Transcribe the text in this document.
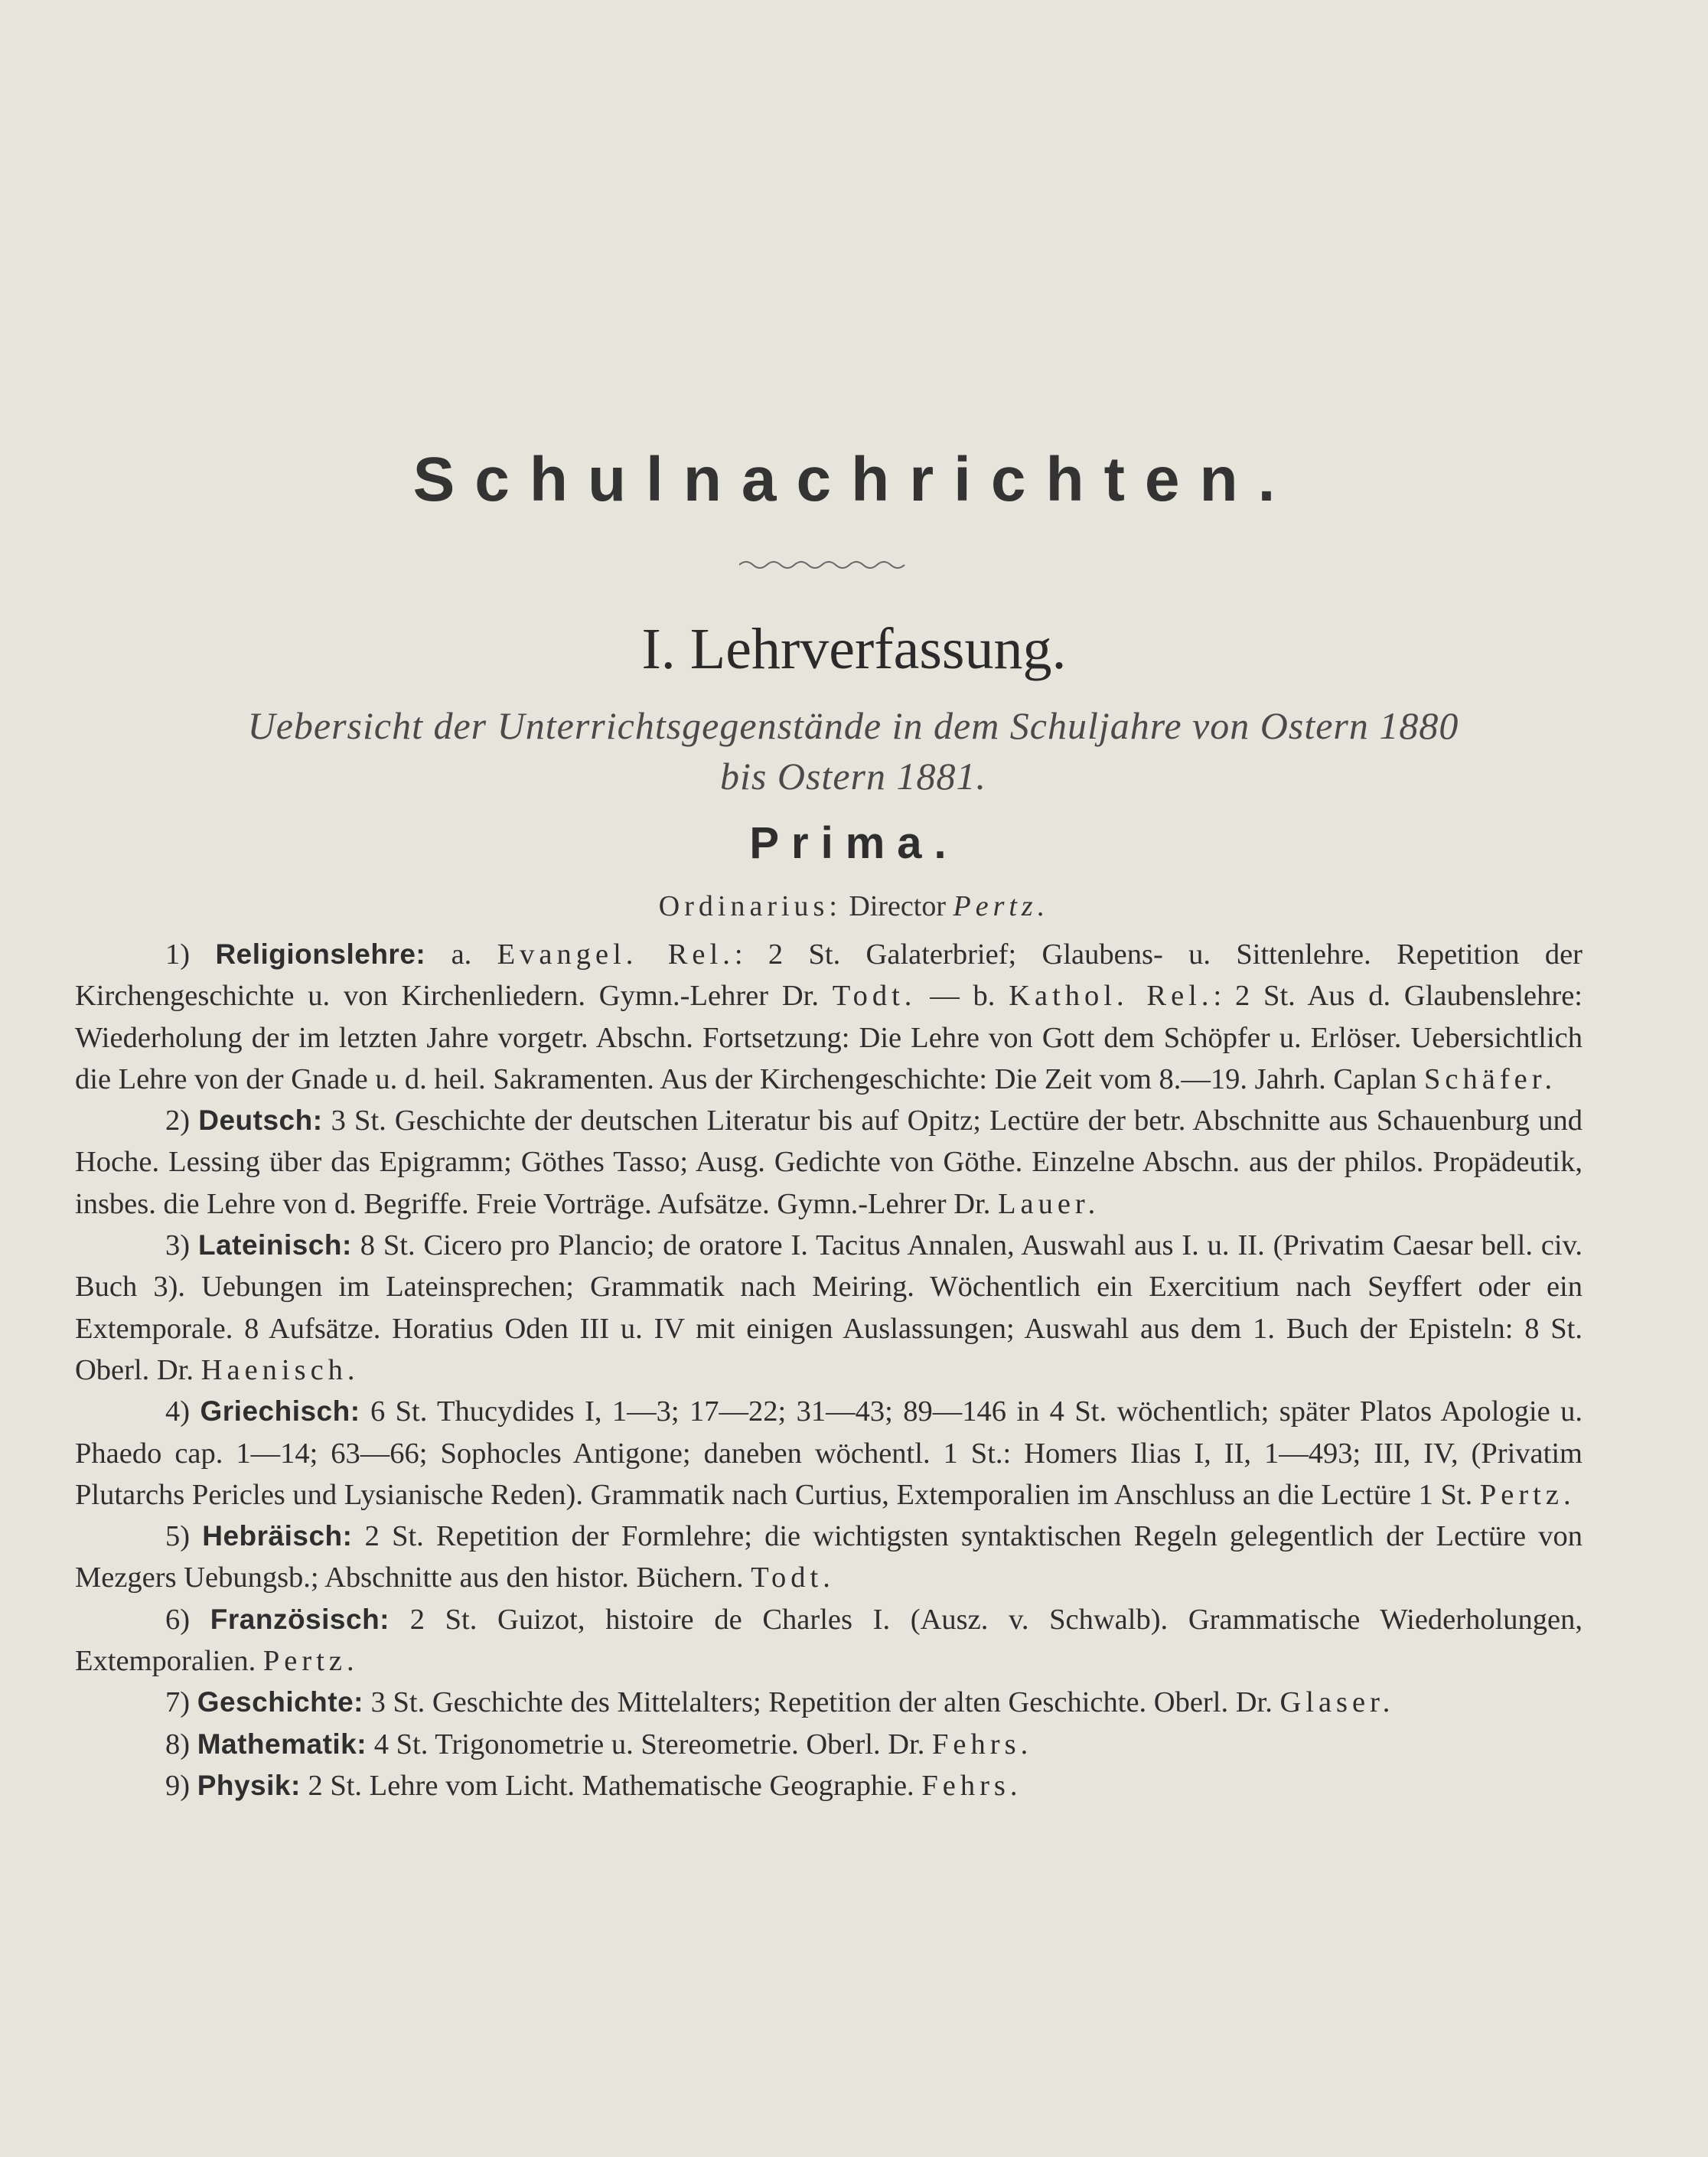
Schulnachrichten.
I. Lehrverfassung.
Uebersicht der Unterrichtsgegenstände in dem Schuljahre von Ostern 1880
bis Ostern 1881.
Prima.
Ordinarius: Director Pertz.

1) Religionslehre: a. Evangel. Rel.: 2 St. Galaterbrief; Glaubens- u. Sittenlehre. Repetition der Kirchengeschichte u. von Kirchenliedern. Gymn.-Lehrer Dr. Todt. — b. Kathol. Rel.: 2 St. Aus d. Glaubenslehre: Wiederholung der im letzten Jahre vorgetr. Abschn. Fortsetzung: Die Lehre von Gott dem Schöpfer u. Erlöser. Uebersichtlich die Lehre von der Gnade u. d. heil. Sakramenten. Aus der Kirchengeschichte: Die Zeit vom 8.—19. Jahrh. Caplan Schäfer.

2) Deutsch: 3 St. Geschichte der deutschen Literatur bis auf Opitz; Lectüre der betr. Abschnitte aus Schauenburg und Hoche. Lessing über das Epigramm; Göthes Tasso; Ausg. Gedichte von Göthe. Einzelne Abschn. aus der philos. Propädeutik, insbes. die Lehre von d. Begriffe. Freie Vorträge. Aufsätze. Gymn.-Lehrer Dr. Lauer.

3) Lateinisch: 8 St. Cicero pro Plancio; de oratore I. Tacitus Annalen, Auswahl aus I. u. II. (Privatim Caesar bell. civ. Buch 3). Uebungen im Lateinsprechen; Grammatik nach Meiring. Wöchentlich ein Exercitium nach Seyffert oder ein Extemporale. 8 Aufsätze. Horatius Oden III u. IV mit einigen Auslassungen; Auswahl aus dem 1. Buch der Episteln: 8 St. Oberl. Dr. Haenisch.

4) Griechisch: 6 St. Thucydides I, 1—3; 17—22; 31—43; 89—146 in 4 St. wöchentlich; später Platos Apologie u. Phaedo cap. 1—14; 63—66; Sophocles Antigone; daneben wöchentl. 1 St.: Homers Ilias I, II, 1—493; III, IV, (Privatim Plutarchs Pericles und Lysianische Reden). Grammatik nach Curtius, Extemporalien im Anschluss an die Lectüre 1 St. Pertz.

5) Hebräisch: 2 St. Repetition der Formlehre; die wichtigsten syntaktischen Regeln gelegentlich der Lectüre von Mezgers Uebungsb.; Abschnitte aus den histor. Büchern. Todt.

6) Französisch: 2 St. Guizot, histoire de Charles I. (Ausz. v. Schwalb). Grammatische Wiederholungen, Extemporalien. Pertz.

7) Geschichte: 3 St. Geschichte des Mittelalters; Repetition der alten Geschichte. Oberl. Dr. Glaser.

8) Mathematik: 4 St. Trigonometrie u. Stereometrie. Oberl. Dr. Fehrs.

9) Physik: 2 St. Lehre vom Licht. Mathematische Geographie. Fehrs.
